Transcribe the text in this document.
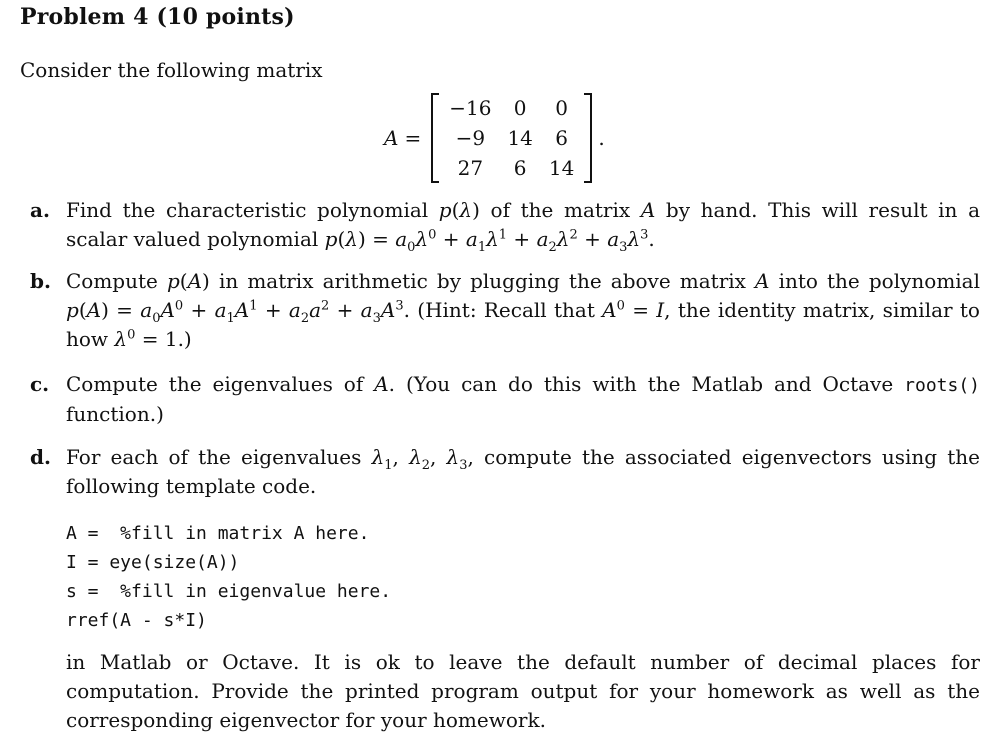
Problem 4 (10 points)
Consider the following matrix
A =
−16	0	0
−9	14	6
27	6	14
.
a. Find the characteristic polynomial p(λ) of the matrix A by hand. This will result in a scalar valued polynomial $p(\lambda) = a_0\lambda^0 + a_1\lambda^1 + a_2\lambda^2 + a_3\lambda^3$.
b. Compute p(A) in matrix arithmetic by plugging the above matrix A into the polynomial $p(A) = a_0A^0 + a_1A^1 + a_2a^2 + a_3A^3$. (Hint: Recall that $A^0 = I$, the identity matrix, similar to how $\lambda^0 = 1$.)
c. Compute the eigenvalues of A. (You can do this with the Matlab and Octave roots() function.)
d. For each of the eigenvalues $\lambda_1$, $\lambda_2$, $\lambda_3$, compute the associated eigenvectors using the following template code.
A =  %fill in matrix A here.
I = eye(size(A))
s =  %fill in eigenvalue here.
rref(A - s*I)
in Matlab or Octave. It is ok to leave the default number of decimal places for computation. Provide the printed program output for your homework as well as the corresponding eigenvector for your homework.
